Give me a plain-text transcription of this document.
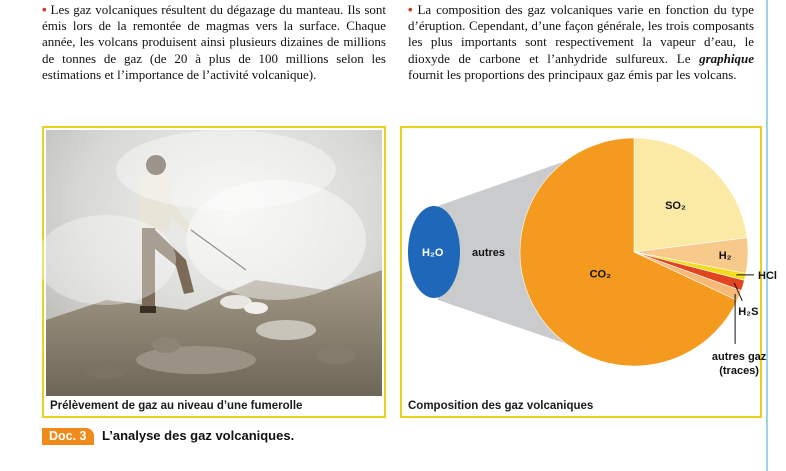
• Les gaz volcaniques résultent du dégazage du manteau. Ils sont émis lors de la remontée de magmas vers la surface. Chaque année, les volcans produisent ainsi plusieurs dizaines de millions de tonnes de gaz (de 20 à plus de 100 millions selon les estimations et l’importance de l’activité volcanique).
• La composition des gaz volcaniques varie en fonction du type d’éruption. Cependant, d’une façon générale, les trois composants les plus importants sont respectivement la vapeur d’eau, le dioxyde de carbone et l’anhydride sulfureux. Le graphique fournit les proportions des principaux gaz émis par les volcans.
Prélèvement de gaz au niveau d’une fumerolle
H₂O	autres
CO₂
SO₂
H₂
HCl
H₂S
autres gaz
(traces)
Composition des gaz volcaniques
Doc. 3	L’analyse des gaz volcaniques.
